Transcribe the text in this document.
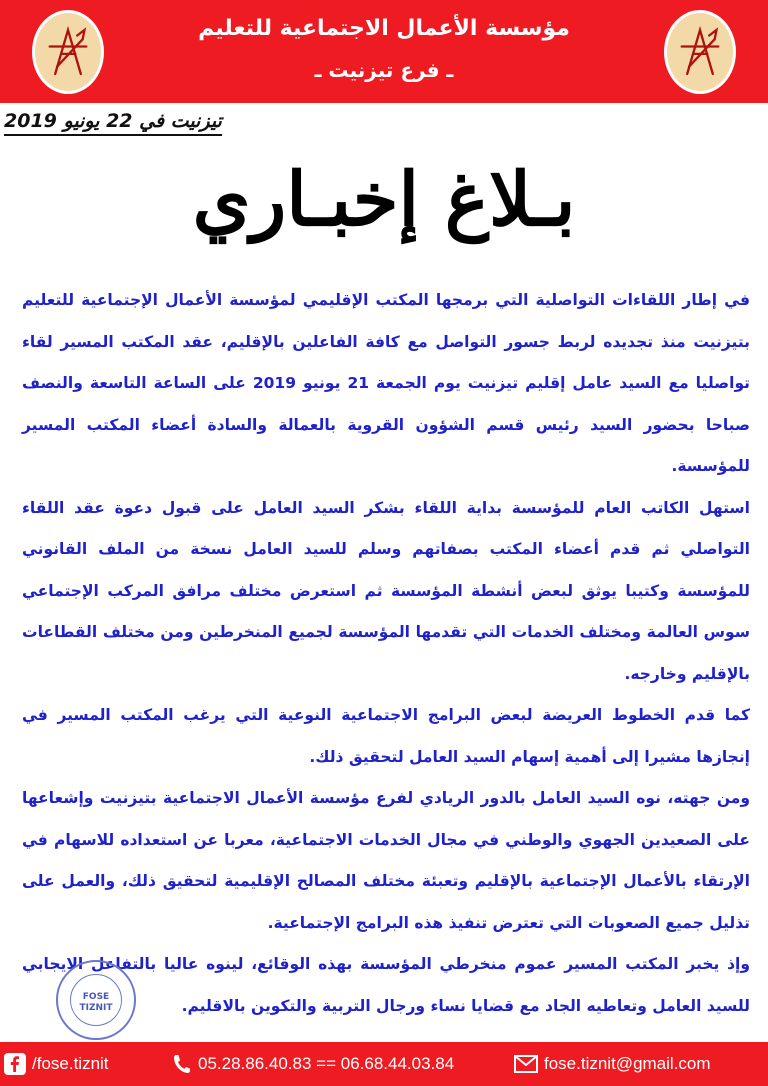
مؤسسة الأعمال الاجتماعية للتعليم
ـ فرع تيزنيت ـ
تيزنيت في 22 يونيو 2019
بـلاغ إخبـاري

في إطار اللقاءات التواصلية التي برمجها المكتب الإقليمي لمؤسسة الأعمال الإجتماعية للتعليم بتيزنيت منذ تجديده لربط جسور التواصل مع كافة الفاعلين بالإقليم، عقد المكتب المسير لقاء تواصليا مع السيد عامل إقليم تيزنيت يوم الجمعة 21 يونيو 2019 على الساعة التاسعة والنصف صباحا بحضور السيد رئيس قسم الشؤون القروية بالعمالة والسادة أعضاء المكتب المسير للمؤسسة.

استهل الكاتب العام للمؤسسة بداية اللقاء بشكر السيد العامل على قبول دعوة عقد اللقاء التواصلي ثم قدم أعضاء المكتب بصفاتهم وسلم للسيد العامل نسخة من الملف القانوني للمؤسسة وكتيبا يوثق لبعض أنشطة المؤسسة ثم استعرض مختلف مرافق المركب الإجتماعي سوس العالمة ومختلف الخدمات التي تقدمها المؤسسة لجميع المنخرطين ومن مختلف القطاعات بالإقليم وخارجه.

كما قدم الخطوط العريضة لبعض البرامج الاجتماعية النوعية التي يرغب المكتب المسير في إنجازها مشيرا إلى أهمية إسهام السيد العامل لتحقيق ذلك.

ومن جهته، نوه السيد العامل بالدور الريادي لفرع مؤسسة الأعمال الاجتماعية بتيزنيت وإشعاعها على الصعيدين الجهوي والوطني في مجال الخدمات الاجتماعية، معربا عن استعداده للاسهام في الإرتقاء بالأعمال الإجتماعية بالإقليم وتعبئة مختلف المصالح الإقليمية لتحقيق ذلك، والعمل على تذليل جميع الصعوبات التي تعترض تنفيذ هذه البرامج الإجتماعية.

وإذ يخبر المكتب المسير عموم منخرطي المؤسسة بهذه الوقائع، لينوه عاليا بالتفاعل الايجابي للسيد العامل وتعاطيه الجاد مع قضايا نساء ورجال التربية والتكوين بالاقليم.

FOSE
TIZNIT
/fose.tiznit	05.28.86.40.83 == 06.68.44.03.84	fose.tiznit@gmail.com
